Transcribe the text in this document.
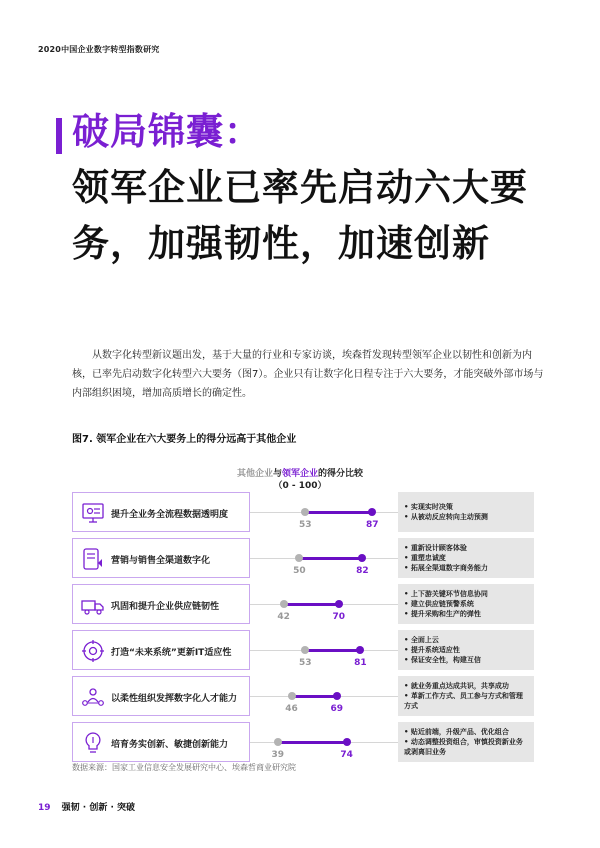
2020中国企业数字转型指数研究
破局锦囊：
领军企业已率先启动六大要务，加强韧性，加速创新

从数字化转型新议题出发，基于大量的行业和专家访谈，埃森哲发现转型领军企业以韧性和创新为内核，已率先启动数字化转型六大要务（图7）。企业只有让数字化日程专注于六大要务，才能突破外部市场与内部组织困境，增加高质增长的确定性。

图7. 领军企业在六大要务上的得分远高于其他企业
其他企业与领军企业的得分比较
（0 - 100）
提升全业务全流程数据透明度
53	87
• 实现实时决策
• 从被动反应转向主动预测
营销与销售全渠道数字化
50	82
• 重新设计顾客体验
• 重塑忠诚度
• 拓展全渠道数字商务能力
巩固和提升企业供应链韧性
42	70
• 上下游关键环节信息协同
• 建立供应链预警系统
• 提升采购和生产的弹性
打造“未来系统”更新IT适应性
53	81
• 全面上云
• 提升系统适应性
• 保证安全性，构建互信
以柔性组织发挥数字化人才能力
46	69
• 就业务重点达成共识，共享成功
• 革新工作方式、员工参与方式和管理方式
培育务实创新、敏捷创新能力
39	74
• 贴近前端，升级产品、优化组合
• 动态调整投资组合，审慎投资新业务或剥离旧业务
数据来源：国家工业信息安全发展研究中心、埃森哲商业研究院
19 强韧 · 创新 · 突破
